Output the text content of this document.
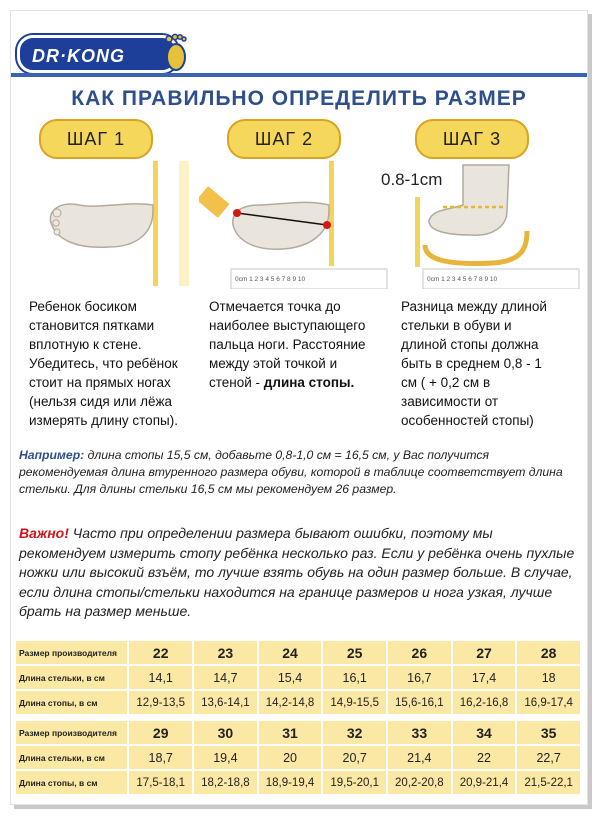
DR·KONG
КАК ПРАВИЛЬНО ОПРЕДЕЛИТЬ РАЗМЕР
ШАГ 1	ШАГ 2	ШАГ 3
0cm 1 2 3 4 5 6 7 8 9 10
0.8-1cm
0cm 1 2 3 4 5 6 7 8 9 10
Ребенок босиком
становится пятками
вплотную к стене.
Убедитесь, что ребёнок
стоит на прямых ногах
(нельзя сидя или лёжа
измерять длину стопы).
Отмечается точка до
наиболее выступающего
пальца ноги. Расстояние
между этой точкой и
стеной - длина стопы.
Разница между длиной
стельки в обуви и
длиной стопы должна
быть в среднем 0,8 - 1
см ( + 0,2 см в
зависимости от
особенностей стопы)
Например: длина стопы 15,5 см, добавьте 0,8-1,0 см = 16,5 см, у Вас получится рекомендуемая длина втуренного размера обуви, которой в таблице соответствует длина стельки. Для длины стельки 16,5 см мы рекомендуем 26 размер.
Важно! Часто при определении размера бывают ошибки, поэтому мы рекомендуем измерить стопу ребёнка несколько раз. Если у ребёнка очень пухлые ножки или высокий взъём, то лучше взять обувь на один размер больше. В случае, если длина стопы/стельки находится на границе размеров и нога узкая, лучше брать на размер меньше.
Размер производителя	22	23	24	25	26	27	28
Длина стельки, в см	14,1	14,7	15,4	16,1	16,7	17,4	18
Длина стопы, в см	12,9-13,5	13,6-14,1	14,2-14,8	14,9-15,5	15,6-16,1	16,2-16,8	16,9-17,4
Размер производителя	29	30	31	32	33	34	35
Длина стельки, в см	18,7	19,4	20	20,7	21,4	22	22,7
Длина стопы, в см	17,5-18,1	18,2-18,8	18,9-19,4	19,5-20,1	20,2-20,8	20,9-21,4	21,5-22,1
